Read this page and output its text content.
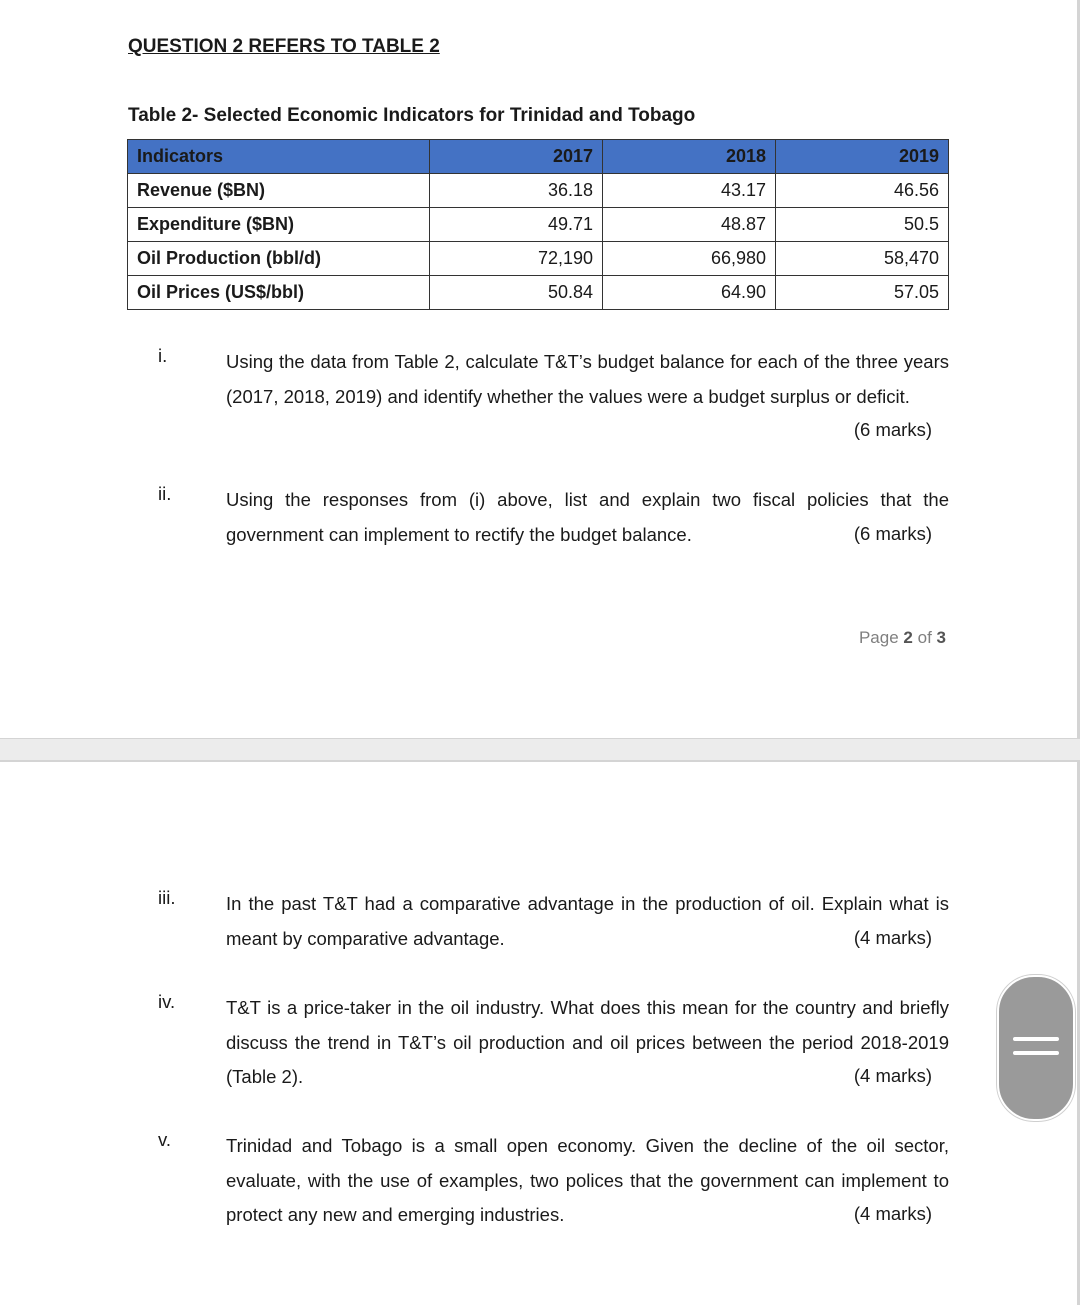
QUESTION 2 REFERS TO TABLE 2

Table 2- Selected Economic Indicators for Trinidad and Tobago

Indicators	2017	2018	2019
Revenue ($BN)	36.18	43.17	46.56
Expenditure ($BN)	49.71	48.87	50.5
Oil Production (bbl/d)	72,190	66,980	58,470
Oil Prices (US$/bbl)	50.84	64.90	57.05
i.	Using the data from Table 2, calculate T&T’s budget balance for each of the three years (2017, 2018, 2019) and identify whether the values were a budget surplus or deficit.

(6 marks)
ii.	Using the responses from (i) above, list and explain two fiscal policies that the government can implement to rectify the budget balance.	(6 marks)

Page 2 of 3

iii.	In the past T&T had a comparative advantage in the production of oil. Explain what is meant by comparative advantage.	(4 marks)
iv.	T&T is a price-taker in the oil industry. What does this mean for the country and briefly discuss the trend in T&T’s oil production and oil prices between the period 2018-2019 (Table 2).	(4 marks)
v.	Trinidad and Tobago is a small open economy. Given the decline of the oil sector, evaluate, with the use of examples, two polices that the government can implement to protect any new and emerging industries.	(4 marks)
